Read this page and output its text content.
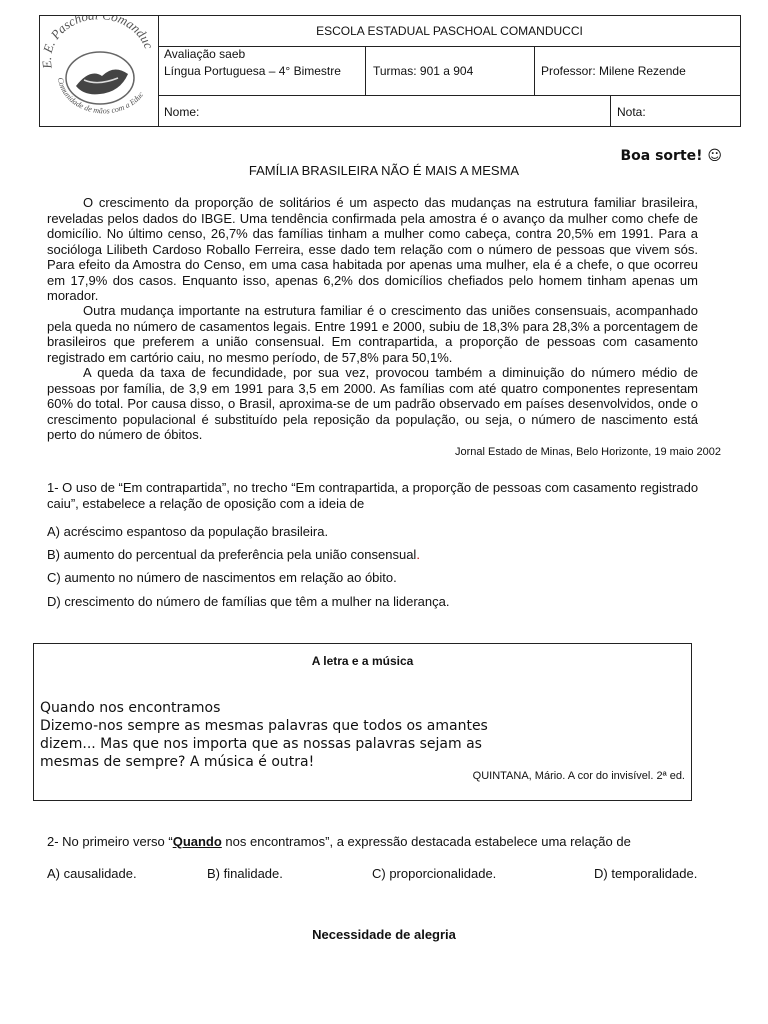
E. E. Pascho omanduc
Comunidade de mãos com a Educ
ESCOLA ESTADUAL PASCHOAL COMANDUCCI
Avaliação saeb
Língua Portuguesa – 4° Bimestre	Turmas: 901 a 904	Professor: Milene Rezende
Nome:	Nota:
Boa sorte! ☺
FAMÍLIA BRASILEIRA NÃO É MAIS A MESMA

O crescimento da proporção de solitários é um aspecto das mudanças na estrutura familiar brasileira, reveladas pelos dados do IBGE. Uma tendência confirmada pela amostra é o avanço da mulher como chefe de domicílio. No último censo, 26,7% das famílias tinham a mulher como cabeça, contra 20,5% em 1991. Para a socióloga Lilibeth Cardoso Roballo Ferreira, esse dado tem relação com o número de pessoas que vivem sós. Para efeito da Amostra do Censo, em uma casa habitada por apenas uma mulher, ela é a chefe, o que ocorreu em 17,9% dos casos. Enquanto isso, apenas 6,2% dos domicílios chefiados pelo homem tinham apenas um morador.

Outra mudança importante na estrutura familiar é o crescimento das uniões consensuais, acompanhado pela queda no número de casamentos legais. Entre 1991 e 2000, subiu de 18,3% para 28,3% a porcentagem de brasileiros que preferem a união consensual. Em contrapartida, a proporção de pessoas com casamento registrado em cartório caiu, no mesmo período, de 57,8% para 50,1%.

A queda da taxa de fecundidade, por sua vez, provocou também a diminuição do número médio de pessoas por família, de 3,9 em 1991 para 3,5 em 2000. As famílias com até quatro componentes representam 60% do total. Por causa disso, o Brasil, aproxima-se de um padrão observado em países desenvolvidos, onde o crescimento populacional é substituído pela reposição da população, ou seja, o número de nascimento está perto do número de óbitos.

Jornal Estado de Minas, Belo Horizonte, 19 maio 2002

1- O uso de “Em contrapartida”, no trecho “Em contrapartida, a proporção de pessoas com casamento registrado caiu”, estabelece a relação de oposição com a ideia de

A) acréscimo espantoso da população brasileira.
B) aumento do percentual da preferência pela união consensual.
C) aumento no número de nascimentos em relação ao óbito.
D) crescimento do número de famílias que têm a mulher na liderança.
A letra e a música
Quando nos encontramos
Dizemo-nos sempre as mesmas palavras que todos os amantes
dizem... Mas que nos importa que as nossas palavras sejam as
mesmas de sempre? A música é outra!
QUINTANA, Mário. A cor do invisível. 2ª ed.

2- No primeiro verso “Quando nos encontramos”, a expressão destacada estabelece uma relação de

A) causalidade.	B) finalidade.	C) proporcionalidade.	D) temporalidade.
Necessidade de alegria
